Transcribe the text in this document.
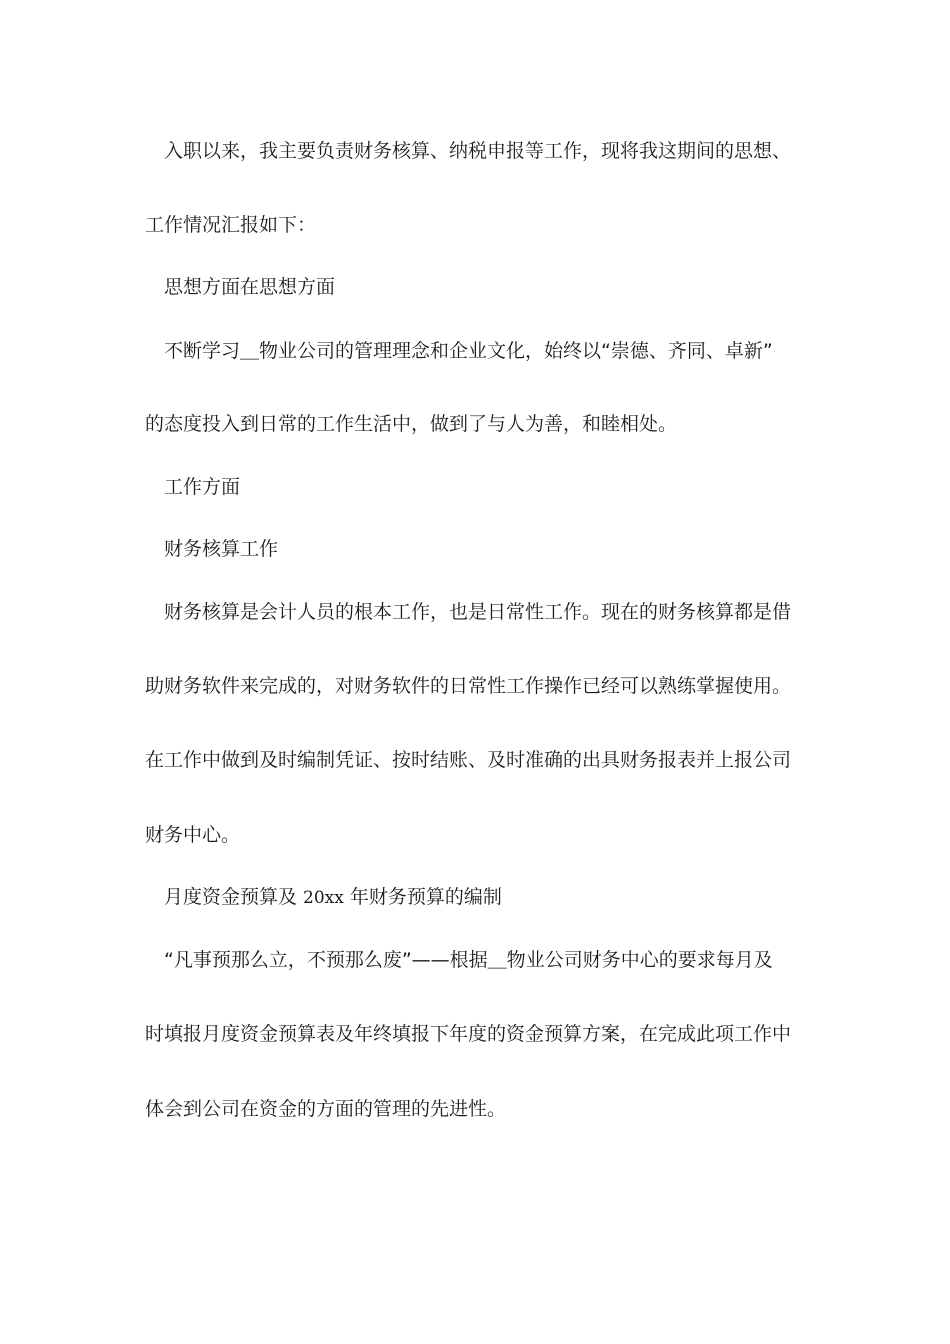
入职以来，我主要负责财务核算、纳税申报等工作，现将我这期间的思想、

工作情况汇报如下：

思想方面在思想方面

不断学习＿物业公司的管理理念和企业文化，始终以“崇德、齐同、卓新”

的态度投入到日常的工作生活中，做到了与人为善，和睦相处。

工作方面

财务核算工作

财务核算是会计人员的根本工作，也是日常性工作。现在的财务核算都是借

助财务软件来完成的，对财务软件的日常性工作操作已经可以熟练掌握使用。

在工作中做到及时编制凭证、按时结账、及时准确的出具财务报表并上报公司

财务中心。

月度资金预算及 20xx 年财务预算的编制

“凡事预那么立，不预那么废”——根据＿物业公司财务中心的要求每月及

时填报月度资金预算表及年终填报下年度的资金预算方案，在完成此项工作中

体会到公司在资金的方面的管理的先进性。
